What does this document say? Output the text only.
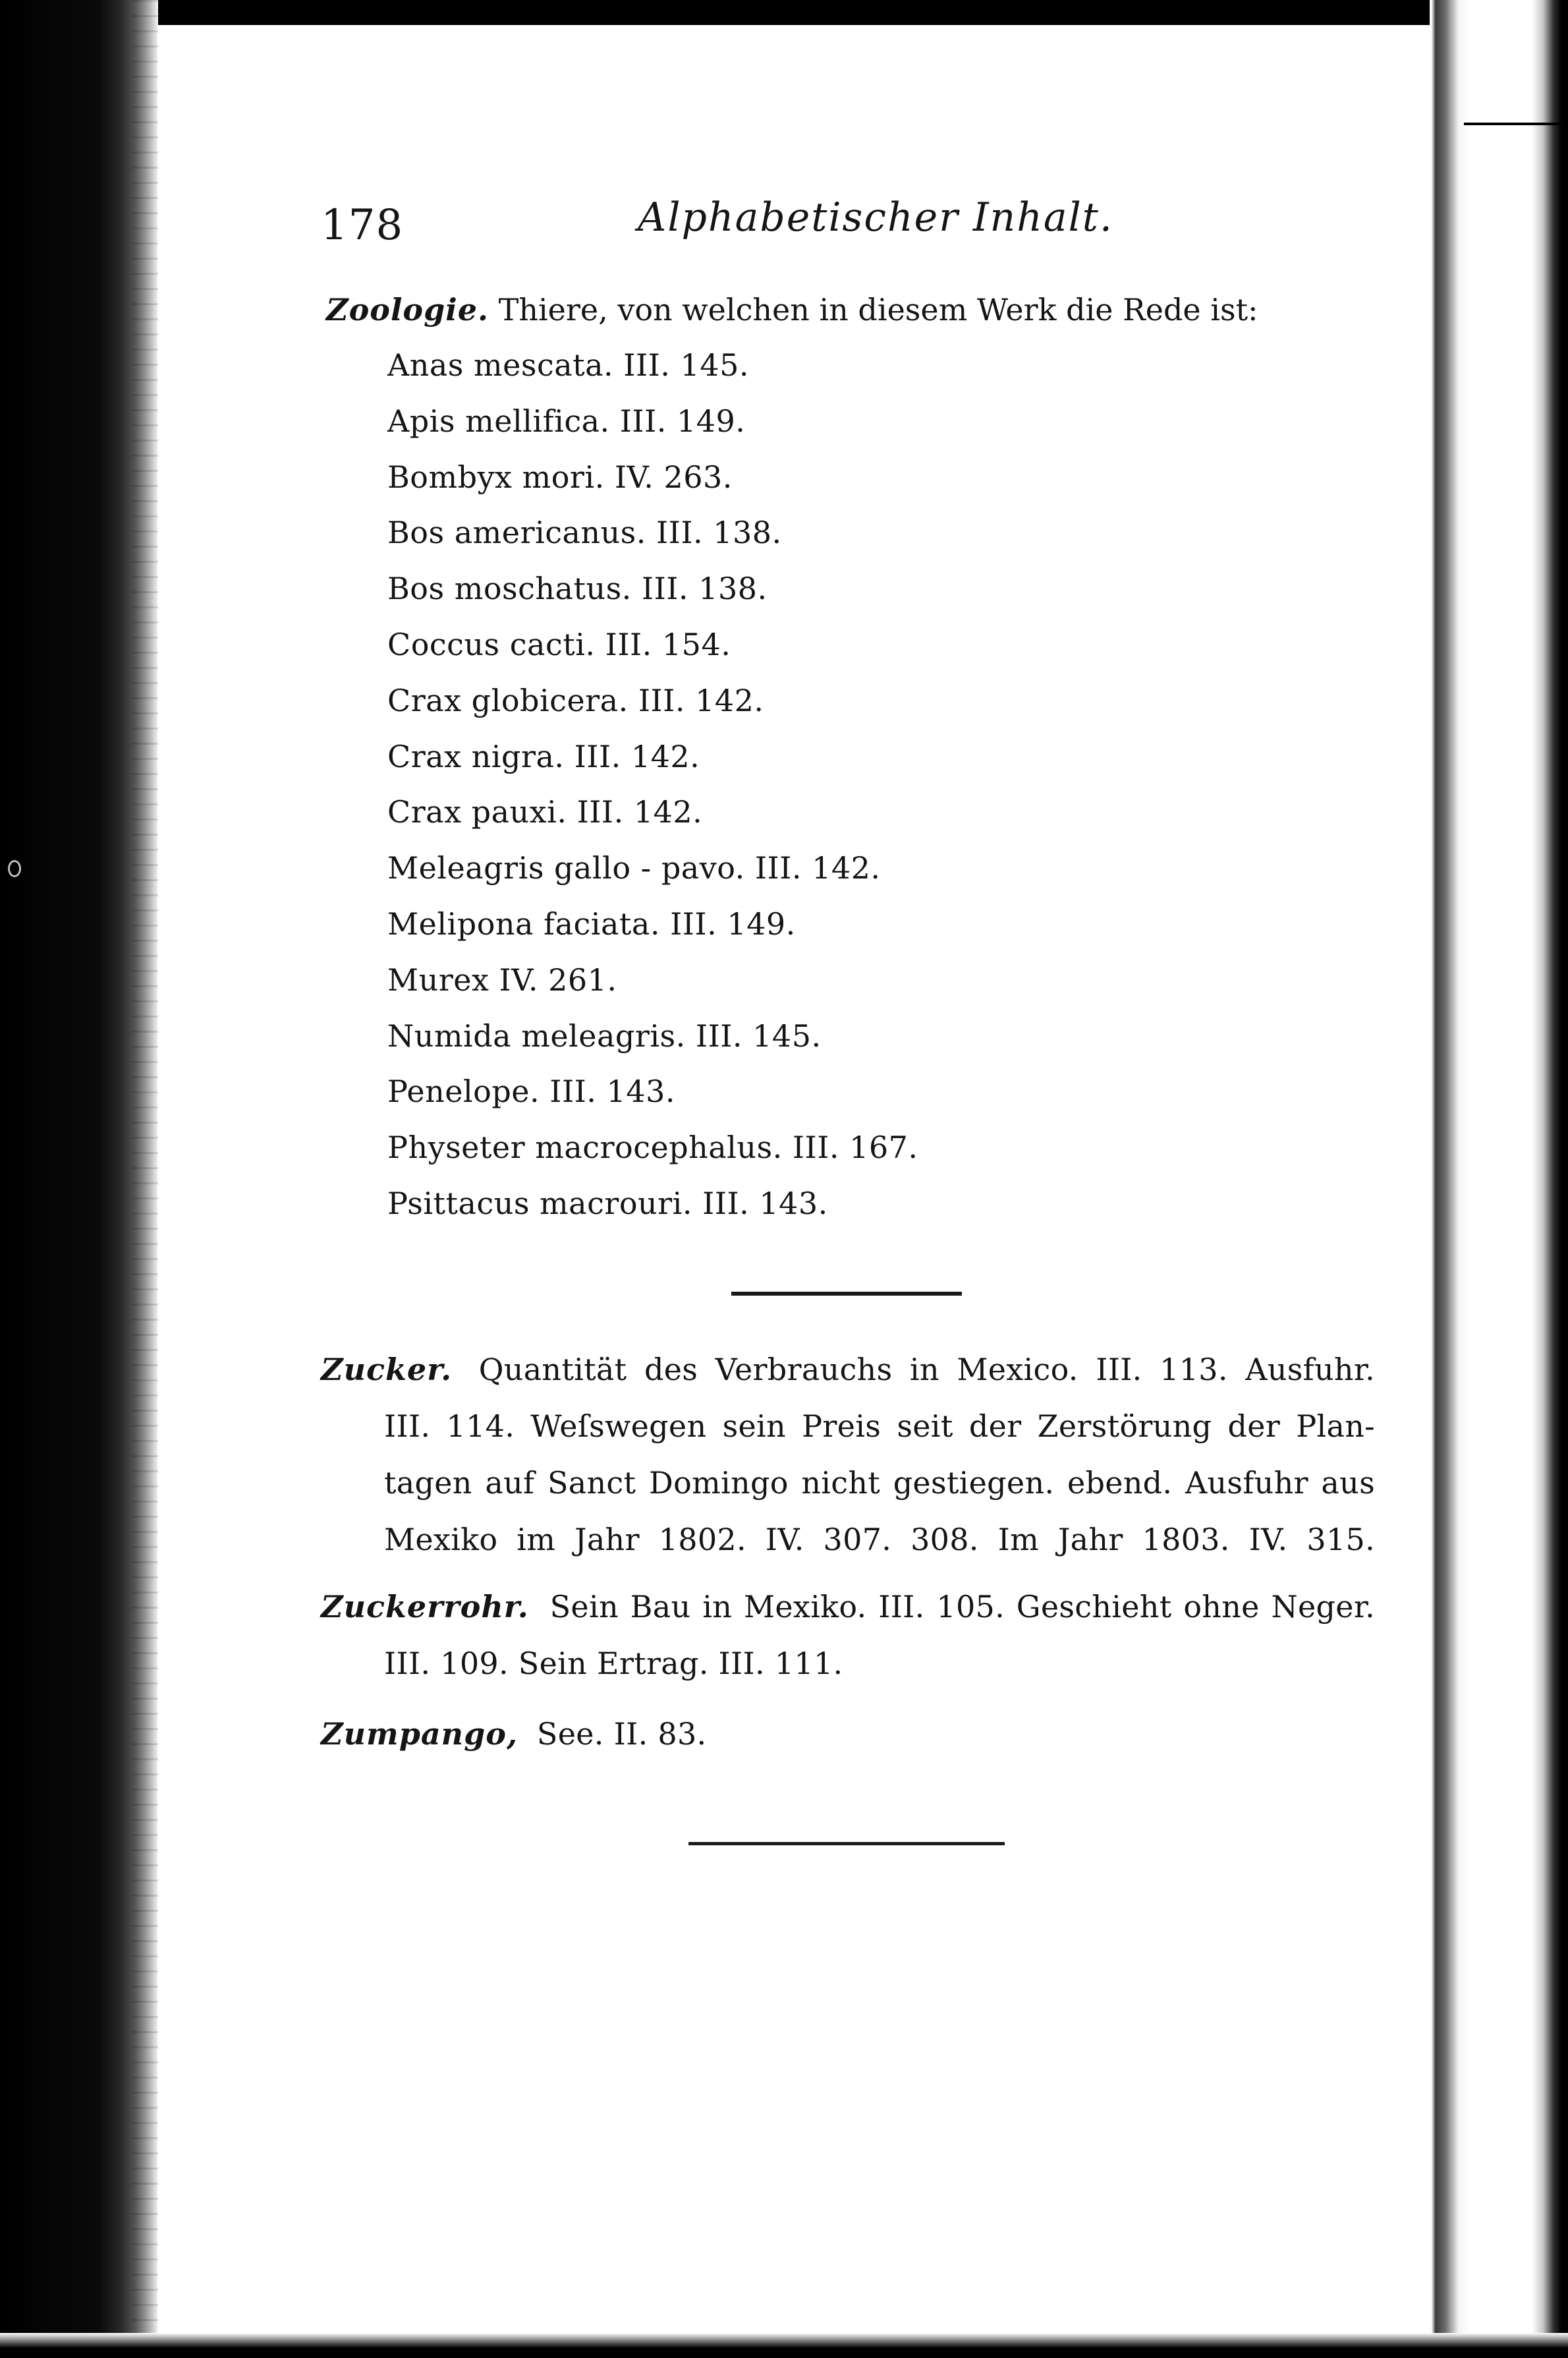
178	Alphabetischer Inhalt.
Zoologie. Thiere, von welchen in diesem Werk die Rede ist:
Anas mescata. III. 145.
Apis mellifica. III. 149.
Bombyx mori. IV. 263.
Bos americanus. III. 138.
Bos moschatus. III. 138.
Coccus cacti. III. 154.
Crax globicera. III. 142.
Crax nigra. III. 142.
Crax pauxi. III. 142.
Meleagris gallo - pavo. III. 142.
Melipona faciata. III. 149.
Murex IV. 261.
Numida meleagris. III. 145.
Penelope. III. 143.
Physeter macrocephalus. III. 167.
Psittacus macrouri. III. 143.
Zucker. Quantität des Verbrauchs in Mexico. III. 113. Ausfuhr.
III. 114. Weſswegen sein Preis seit der Zerstörung der Plan-
tagen auf Sanct Domingo nicht gestiegen. ebend. Ausfuhr aus
Mexiko im Jahr 1802. IV. 307. 308. Im Jahr 1803. IV. 315.
Zuckerrohr. Sein Bau in Mexiko. III. 105. Geschieht ohne Neger.
III. 109. Sein Ertrag. III. 111.
Zumpango, See. II. 83.
